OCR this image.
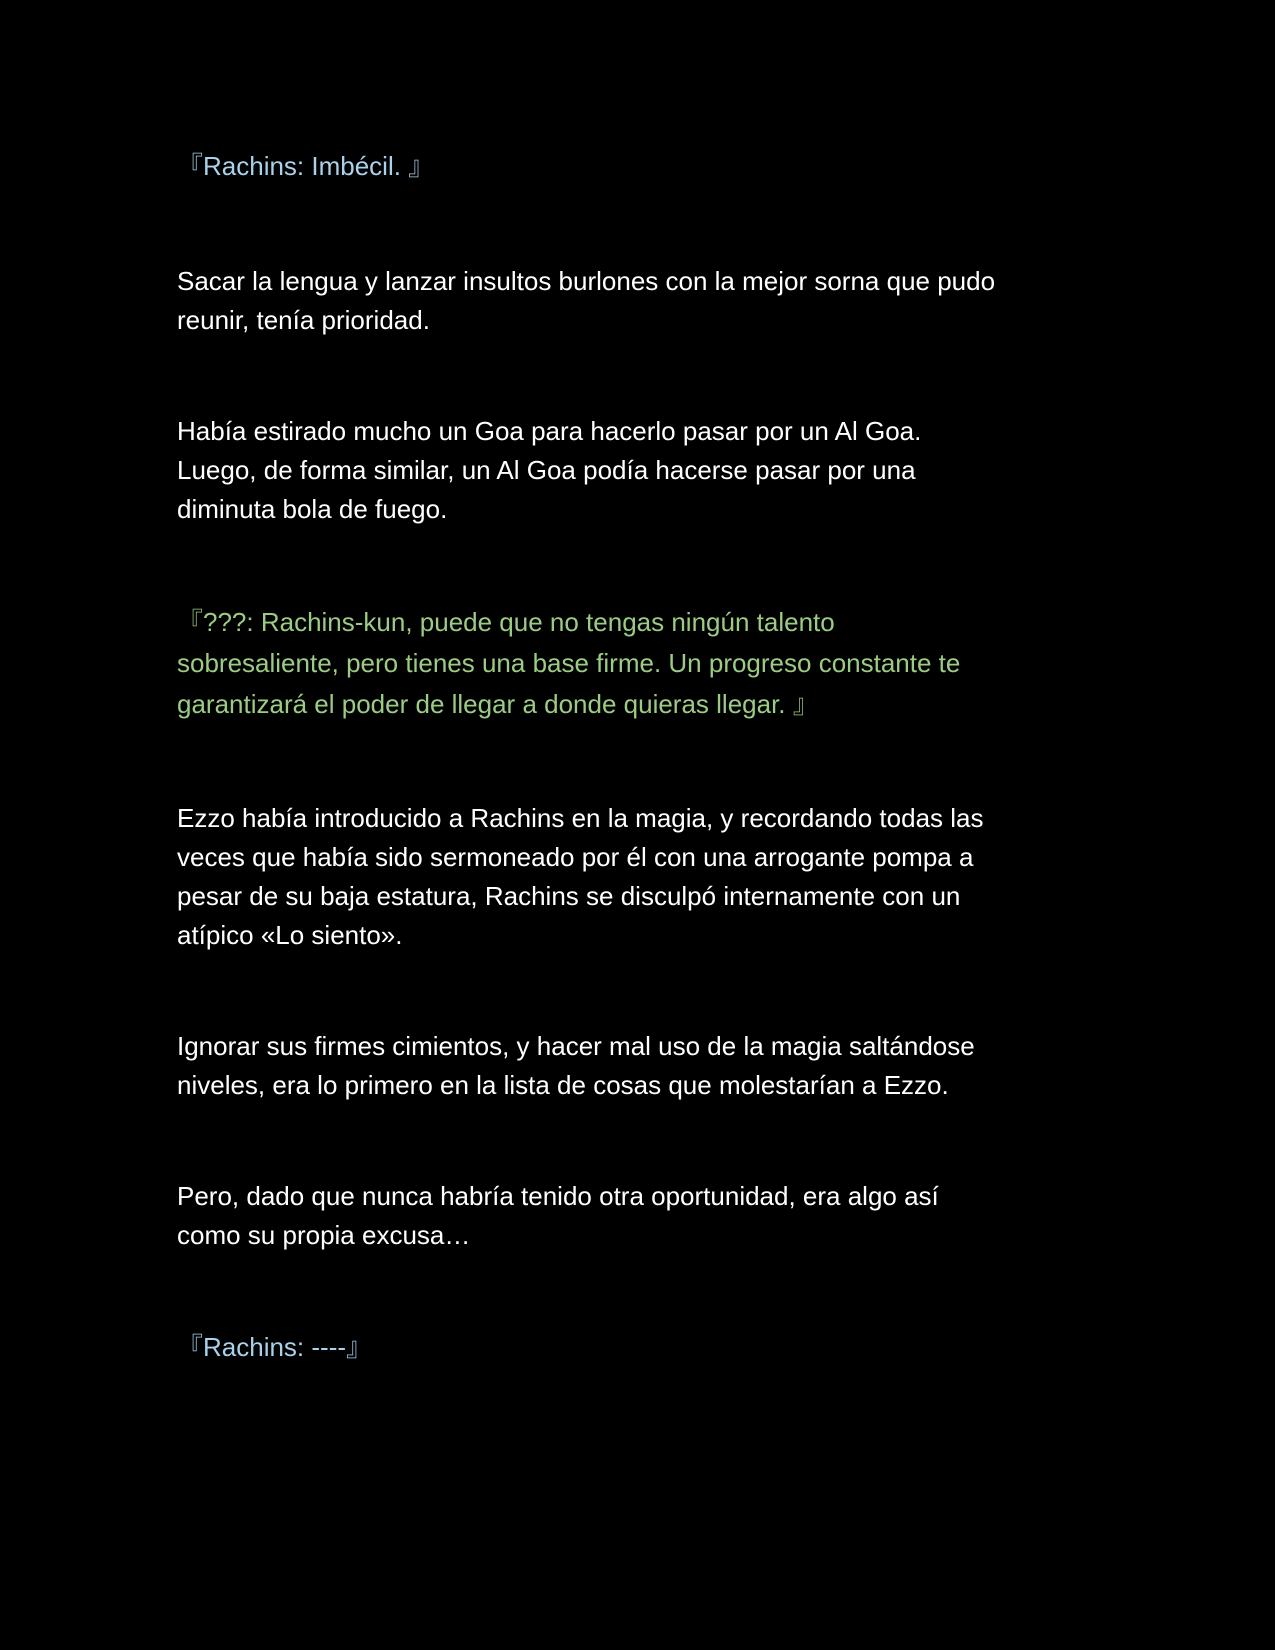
『Rachins: Imbécil. 』

Sacar la lengua y lanzar insultos burlones con la mejor sorna que pudo
reunir, tenía prioridad.

Había estirado mucho un Goa para hacerlo pasar por un Al Goa.
Luego, de forma similar, un Al Goa podía hacerse pasar por una
diminuta bola de fuego.

『???: Rachins-kun, puede que no tengas ningún talento
sobresaliente, pero tienes una base firme. Un progreso constante te
garantizará el poder de llegar a donde quieras llegar. 』

Ezzo había introducido a Rachins en la magia, y recordando todas las
veces que había sido sermoneado por él con una arrogante pompa a
pesar de su baja estatura, Rachins se disculpó internamente con un
atípico «Lo siento».

Ignorar sus firmes cimientos, y hacer mal uso de la magia saltándose
niveles, era lo primero en la lista de cosas que molestarían a Ezzo.

Pero, dado que nunca habría tenido otra oportunidad, era algo así
como su propia excusa…

『Rachins: ----』
